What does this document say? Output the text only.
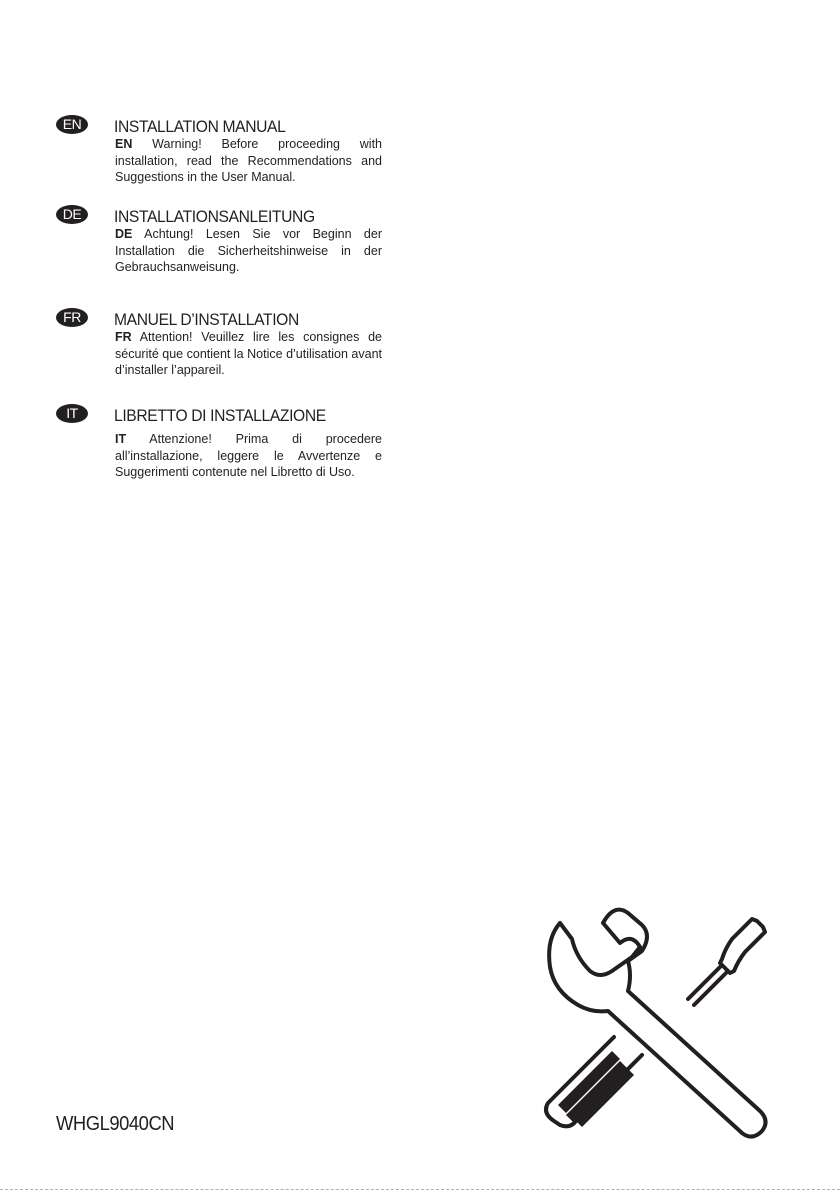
EN	INSTALLATION MANUAL
EN Warning! Before proceeding with installation, read the Recommendations and Suggestions in the User Manual.
DE	INSTALLATIONSANLEITUNG
DE Achtung! Lesen Sie vor Beginn der Installation die Sicherheitshinweise in der Gebrauchsanweisung.
FR	MANUEL D’INSTALLATION
FR Attention! Veuillez lire les consignes de sécurité que contient la Notice d’utilisation avant d’installer l’appareil.
IT	LIBRETTO DI INSTALLAZIONE
IT Attenzione! Prima di procedere all’installazione, leggere le Avvertenze e Suggerimenti contenute nel Libretto di Uso.
WHGL9040CN
